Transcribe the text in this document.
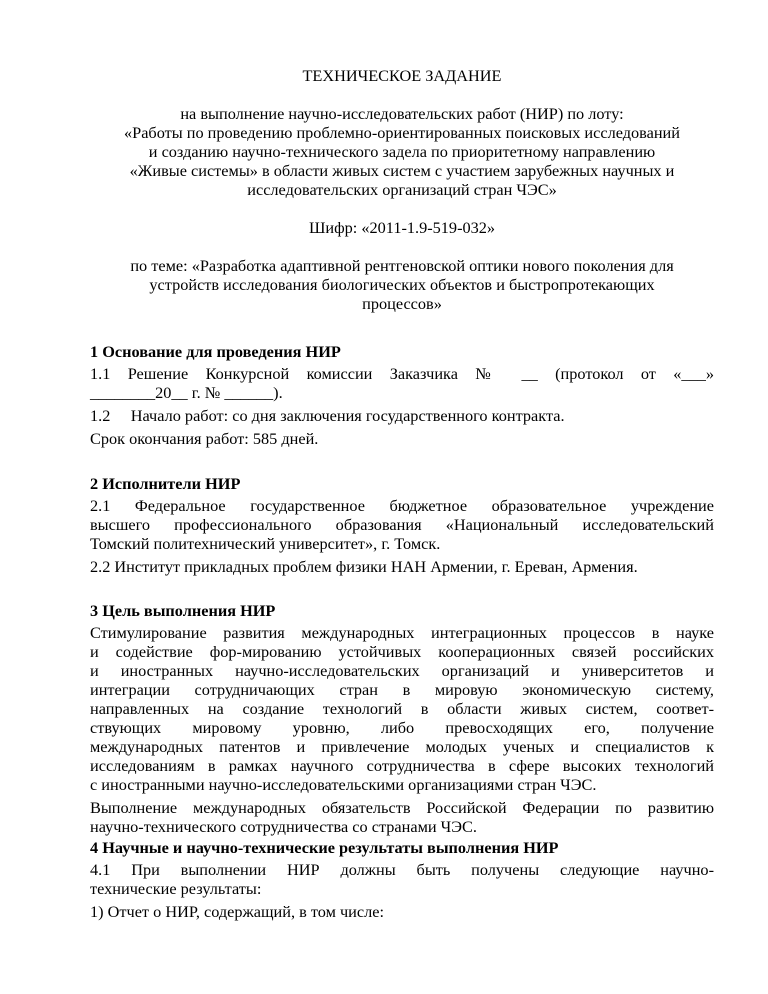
ТЕХНИЧЕСКОЕ ЗАДАНИЕ
на выполнение научно-исследовательских работ (НИР) по лоту:
«Работы по проведению проблемно-ориентированных поисковых исследований
и созданию научно-технического задела по приоритетному направлению
«Живые системы» в области живых систем с участием зарубежных научных и
исследовательских организаций стран ЧЭС»
Шифр: «2011-1.9-519-032»
по теме: «Разработка адаптивной рентгеновской оптики нового поколения для
устройств исследования биологических объектов и быстропротекающих
процессов»

1 Основание для проведения НИР

1.1 Решение Конкурсной комиссии Заказчика № __ (протокол от «___»

________20__ г. № ______).

1.2     Начало работ: со дня заключения государственного контракта.

Срок окончания работ: 585 дней.

2 Исполнители НИР

2.1 Федеральное государственное бюджетное образовательное учреждение

высшего профессионального образования «Национальный исследовательский

Томский политехнический университет», г. Томск.

2.2 Институт прикладных проблем физики НАН Армении, г. Ереван, Армения.

3 Цель выполнения НИР

Стимулирование развития международных интеграционных процессов в науке

и содействие фор-мированию устойчивых кооперационных связей российских

и иностранных научно-исследовательских организаций и университетов и

интеграции сотрудничающих стран в мировую экономическую систему,

направленных на создание технологий в области живых систем, соответ-

ствующих мировому уровню, либо превосходящих его, получение

международных патентов и привлечение молодых ученых и специалистов к

исследованиям в рамках научного сотрудничества в сфере высоких технологий

с иностранными научно-исследовательскими организациями стран ЧЭС.

Выполнение международных обязательств Российской Федерации по развитию

научно-технического сотрудничества со странами ЧЭС.

4 Научные и научно-технические результаты выполнения НИР

4.1 При выполнении НИР должны быть получены следующие научно-

технические результаты:

1) Отчет о НИР, содержащий, в том числе:
